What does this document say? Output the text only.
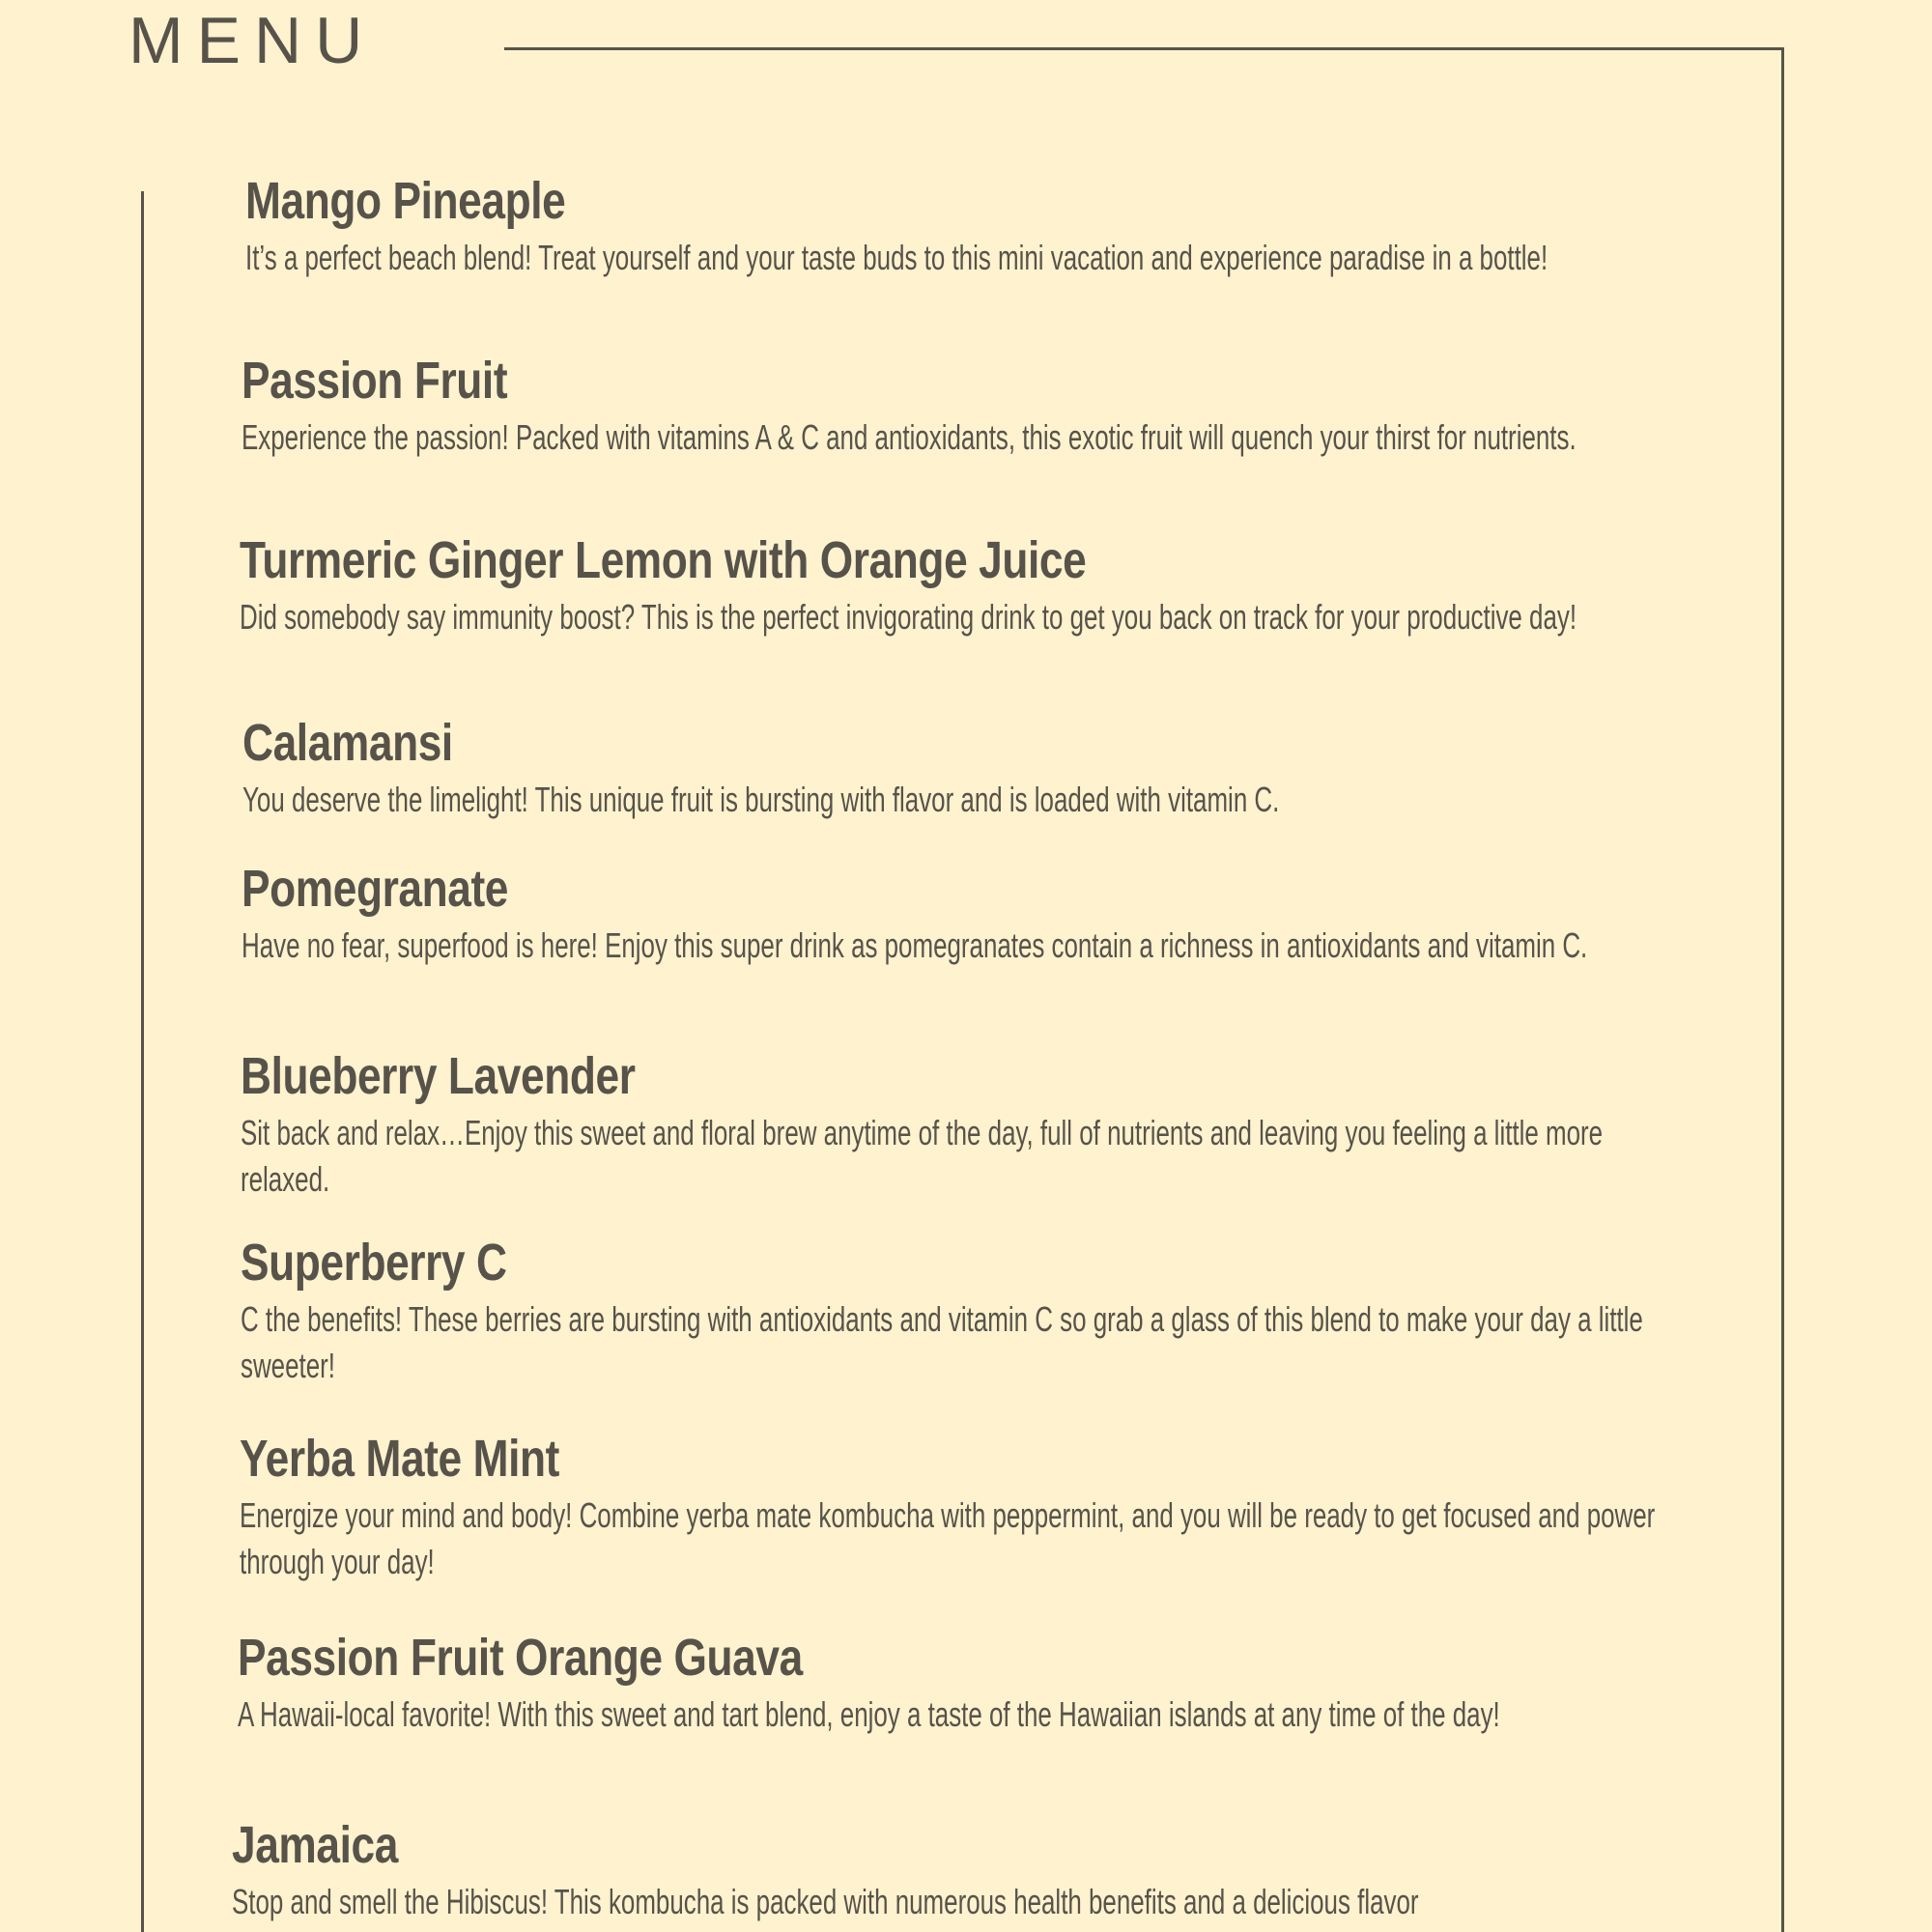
MENU
Mango Pineaple
It’s a perfect beach blend! Treat yourself and your taste buds to this mini vacation and experience paradise in a bottle!
Passion Fruit
Experience the passion! Packed with vitamins A & C and antioxidants, this exotic fruit will quench your thirst for nutrients.
Turmeric Ginger Lemon with Orange Juice
Did somebody say immunity boost? This is the perfect invigorating drink to get you back on track for your productive day!
Calamansi
You deserve the limelight! This unique fruit is bursting with flavor and is loaded with vitamin C.
Pomegranate
Have no fear, superfood is here! Enjoy this super drink as pomegranates contain a richness in antioxidants and vitamin C.
Blueberry Lavender
Sit back and relax…Enjoy this sweet and floral brew anytime of the day, full of nutrients and leaving you feeling a little more relaxed.
Superberry C
C the benefits! These berries are bursting with antioxidants and vitamin C so grab a glass of this blend to make your day a little sweeter!
Yerba Mate Mint
Energize your mind and body! Combine yerba mate kombucha with peppermint, and you will be ready to get focused and power through your day!
Passion Fruit Orange Guava
A Hawaii-local favorite! With this sweet and tart blend, enjoy a taste of the Hawaiian islands at any time of the day!
Jamaica
Stop and smell the Hibiscus! This kombucha is packed with numerous health benefits and a delicious flavor
